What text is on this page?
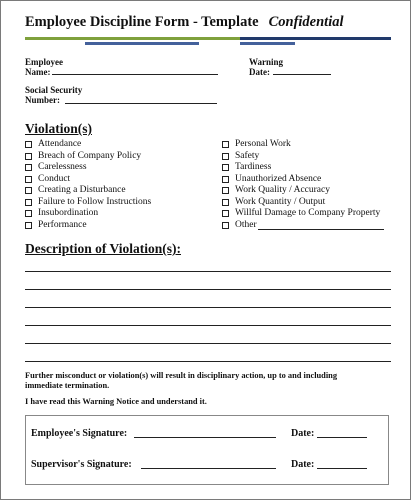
Employee Discipline Form - Template Confidential
Employee
Name:
Warning
Date:
Social Security
Number:
Violation(s)
Attendance
Breach of Company Policy
Carelessness
Conduct
Creating a Disturbance
Failure to Follow Instructions
Insubordination
Performance
Personal Work
Safety
Tardiness
Unauthorized Absence
Work Quality / Accuracy
Work Quantity / Output
Willful Damage to Company Property
Other
Description of Violation(s):
Further misconduct or violation(s) will result in disciplinary action, up to and including
immediate termination.
I have read this Warning Notice and understand it.
Employee's Signature:	Date:
Supervisor's Signature:	Date:
